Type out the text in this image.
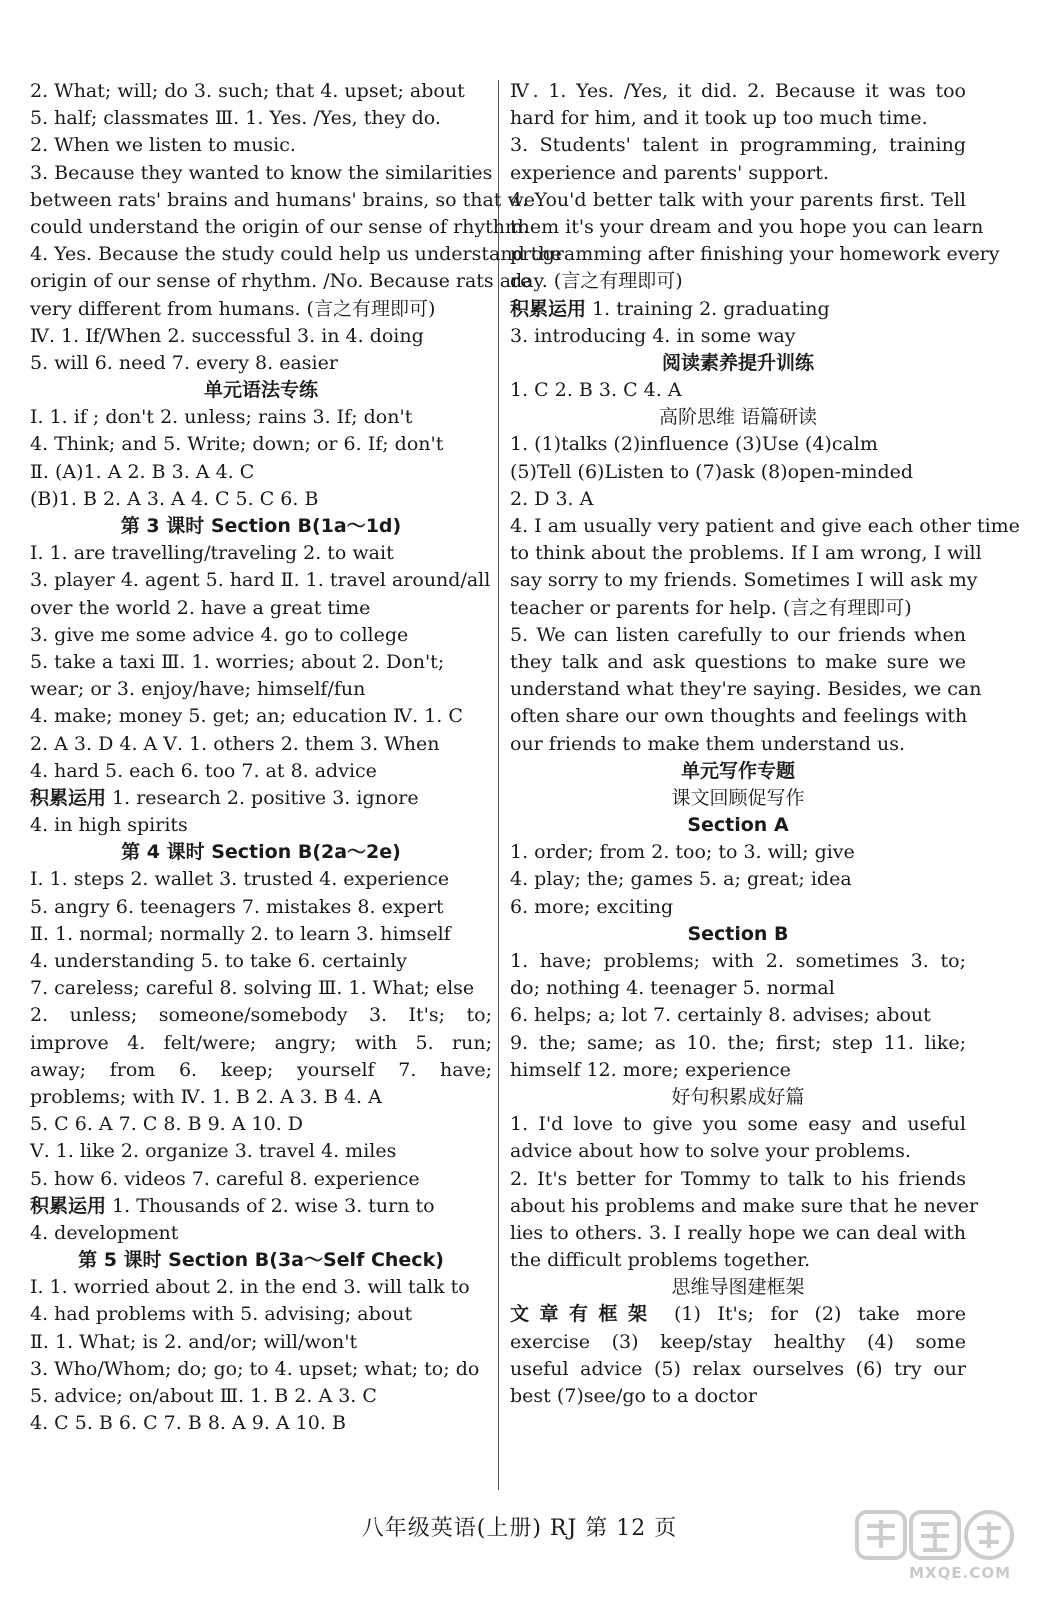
2. What; will; do 3. such; that 4. upset; about
5. half; classmates Ⅲ. 1. Yes. /Yes, they do.
2. When we listen to music.
3. Because they wanted to know the similarities
between rats' brains and humans' brains, so that we
could understand the origin of our sense of rhythm.
4. Yes. Because the study could help us understand the
origin of our sense of rhythm. /No. Because rats are
very different from humans. (言之有理即可)
Ⅳ. 1. If/When 2. successful 3. in 4. doing
5. will 6. need 7. every 8. easier
单元语法专练
Ⅰ. 1. if ; don't 2. unless; rains 3. If; don't
4. Think; and 5. Write; down; or 6. If; don't
Ⅱ. (A)1. A 2. B 3. A 4. C
(B)1. B 2. A 3. A 4. C 5. C 6. B
第 3 课时 Section B(1a～1d)
Ⅰ. 1. are travelling/traveling 2. to wait
3. player 4. agent 5. hard Ⅱ. 1. travel around/all
over the world 2. have a great time
3. give me some advice 4. go to college
5. take a taxi Ⅲ. 1. worries; about 2. Don't;
wear; or 3. enjoy/have; himself/fun
4. make; money 5. get; an; education Ⅳ. 1. C
2. A 3. D 4. A Ⅴ. 1. others 2. them 3. When
4. hard 5. each 6. too 7. at 8. advice
积累运用 1. research 2. positive 3. ignore
4. in high spirits
第 4 课时 Section B(2a～2e)
Ⅰ. 1. steps 2. wallet 3. trusted 4. experience
5. angry 6. teenagers 7. mistakes 8. expert
Ⅱ. 1. normal; normally 2. to learn 3. himself
4. understanding 5. to take 6. certainly
7. careless; careful 8. solving Ⅲ. 1. What; else
2. unless; someone/somebody 3. It's; to;
improve 4. felt/were; angry; with 5. run;
away; from 6. keep; yourself 7. have;
problems; with Ⅳ. 1. B 2. A 3. B 4. A
5. C 6. A 7. C 8. B 9. A 10. D
Ⅴ. 1. like 2. organize 3. travel 4. miles
5. how 6. videos 7. careful 8. experience
积累运用 1. Thousands of 2. wise 3. turn to
4. development
第 5 课时 Section B(3a～Self Check)
Ⅰ. 1. worried about 2. in the end 3. will talk to
4. had problems with 5. advising; about
Ⅱ. 1. What; is 2. and/or; will/won't
3. Who/Whom; do; go; to 4. upset; what; to; do
5. advice; on/about Ⅲ. 1. B 2. A 3. C
4. C 5. B 6. C 7. B 8. A 9. A 10. B
Ⅳ. 1. Yes. /Yes, it did. 2. Because it was too
hard for him, and it took up too much time.
3. Students' talent in programming, training
experience and parents' support.
4. You'd better talk with your parents first. Tell
them it's your dream and you hope you can learn
programming after finishing your homework every
day. (言之有理即可)
积累运用 1. training 2. graduating
3. introducing 4. in some way
阅读素养提升训练
1. C 2. B 3. C 4. A
高阶思维 语篇研读
1. (1)talks (2)influence (3)Use (4)calm
(5)Tell (6)Listen to (7)ask (8)open-minded
2. D 3. A
4. I am usually very patient and give each other time
to think about the problems. If I am wrong, I will
say sorry to my friends. Sometimes I will ask my
teacher or parents for help. (言之有理即可)
5. We can listen carefully to our friends when
they talk and ask questions to make sure we
understand what they're saying. Besides, we can
often share our own thoughts and feelings with
our friends to make them understand us.
单元写作专题
课文回顾促写作
Section A
1. order; from 2. too; to 3. will; give
4. play; the; games 5. a; great; idea
6. more; exciting
Section B
1. have; problems; with 2. sometimes 3. to;
do; nothing 4. teenager 5. normal
6. helps; a; lot 7. certainly 8. advises; about
9. the; same; as 10. the; first; step 11. like;
himself 12. more; experience
好句积累成好篇
1. I'd love to give you some easy and useful
advice about how to solve your problems.
2. It's better for Tommy to talk to his friends
about his problems and make sure that he never
lies to others. 3. I really hope we can deal with
the difficult problems together.
思维导图建框架
文章有框架 (1) It's; for (2) take more
exercise (3) keep/stay healthy (4) some
useful advice (5) relax ourselves (6) try our
best (7)see/go to a doctor
八年级英语(上册) RJ 第 12 页
MXQE.COM
